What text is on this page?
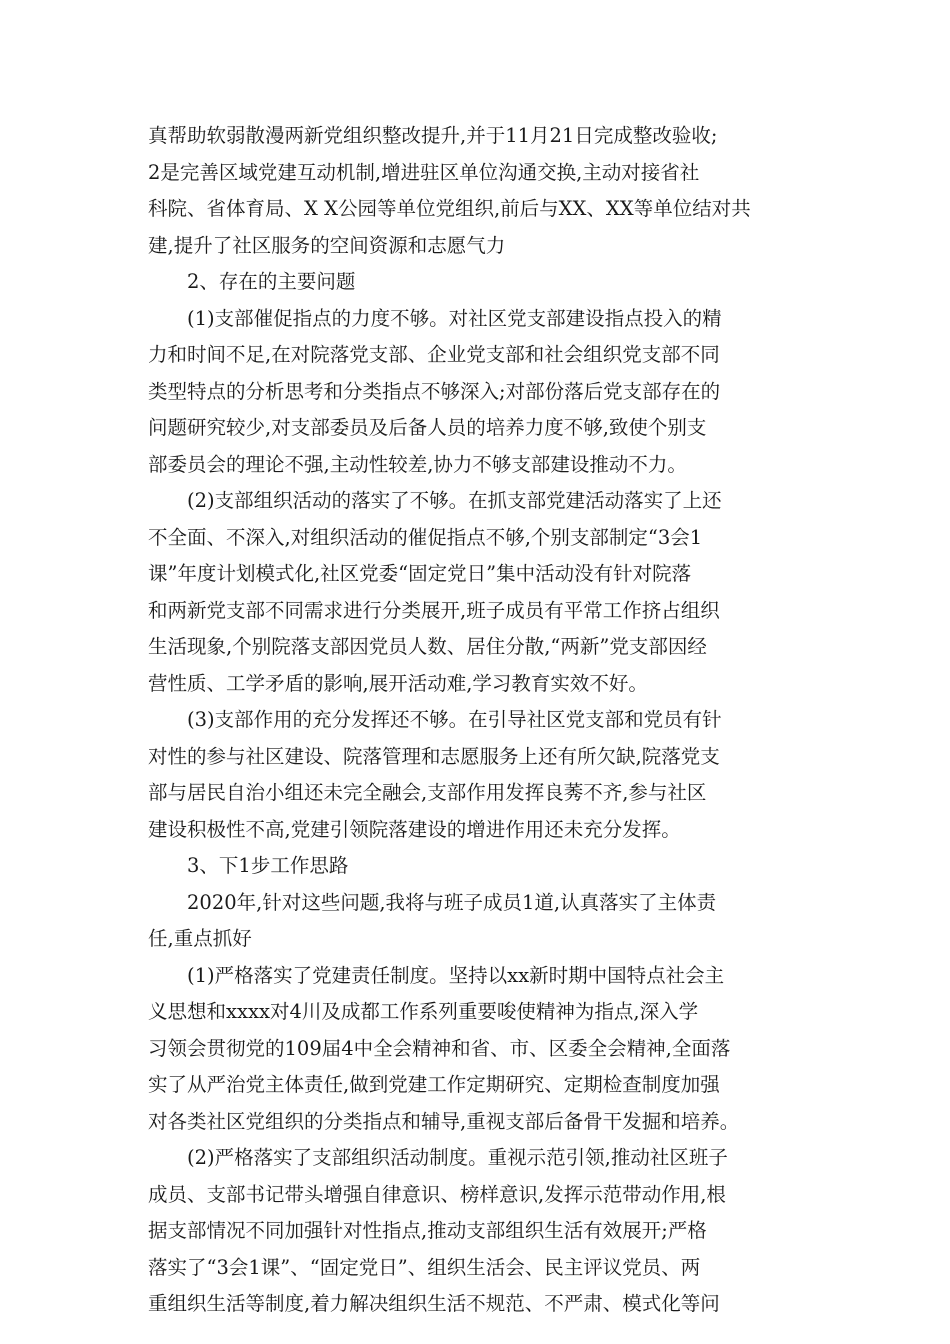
真帮助软弱散漫两新党组织整改提升,并于11月21日完成整改验收;
2是完善区域党建互动机制,增进驻区单位沟通交换,主动对接省社
科院、省体育局、X X公园等单位党组织,前后与XX、XX等单位结对共
建,提升了社区服务的空间资源和志愿气力
2、存在的主要问题
(1)支部催促指点的力度不够。对社区党支部建设指点投入的精
力和时间不足,在对院落党支部、企业党支部和社会组织党支部不同
类型特点的分析思考和分类指点不够深入;对部份落后党支部存在的
问题研究较少,对支部委员及后备人员的培养力度不够,致使个别支
部委员会的理论不强,主动性较差,协力不够支部建设推动不力。
(2)支部组织活动的落实了不够。在抓支部党建活动落实了上还
不全面、不深入,对组织活动的催促指点不够,个别支部制定“3会1
课”年度计划模式化,社区党委“固定党日”集中活动没有针对院落
和两新党支部不同需求进行分类展开,班子成员有平常工作挤占组织
生活现象,个别院落支部因党员人数、居住分散,“两新”党支部因经
营性质、工学矛盾的影响,展开活动难,学习教育实效不好。
(3)支部作用的充分发挥还不够。在引导社区党支部和党员有针
对性的参与社区建设、院落管理和志愿服务上还有所欠缺,院落党支
部与居民自治小组还未完全融会,支部作用发挥良莠不齐,参与社区
建设积极性不高,党建引领院落建设的增进作用还未充分发挥。
3、下1步工作思路
2020年,针对这些问题,我将与班子成员1道,认真落实了主体责
任,重点抓好
(1)严格落实了党建责任制度。坚持以xx新时期中国特点社会主
义思想和xxxx对4川及成都工作系列重要唆使精神为指点,深入学
习领会贯彻党的109届4中全会精神和省、市、区委全会精神,全面落
实了从严治党主体责任,做到党建工作定期研究、定期检查制度加强
对各类社区党组织的分类指点和辅导,重视支部后备骨干发掘和培养。
(2)严格落实了支部组织活动制度。重视示范引领,推动社区班子
成员、支部书记带头增强自律意识、榜样意识,发挥示范带动作用,根
据支部情况不同加强针对性指点,推动支部组织生活有效展开;严格
落实了“3会1课”、“固定党日”、组织生活会、民主评议党员、两
重组织生活等制度,着力解决组织生活不规范、不严肃、模式化等问
